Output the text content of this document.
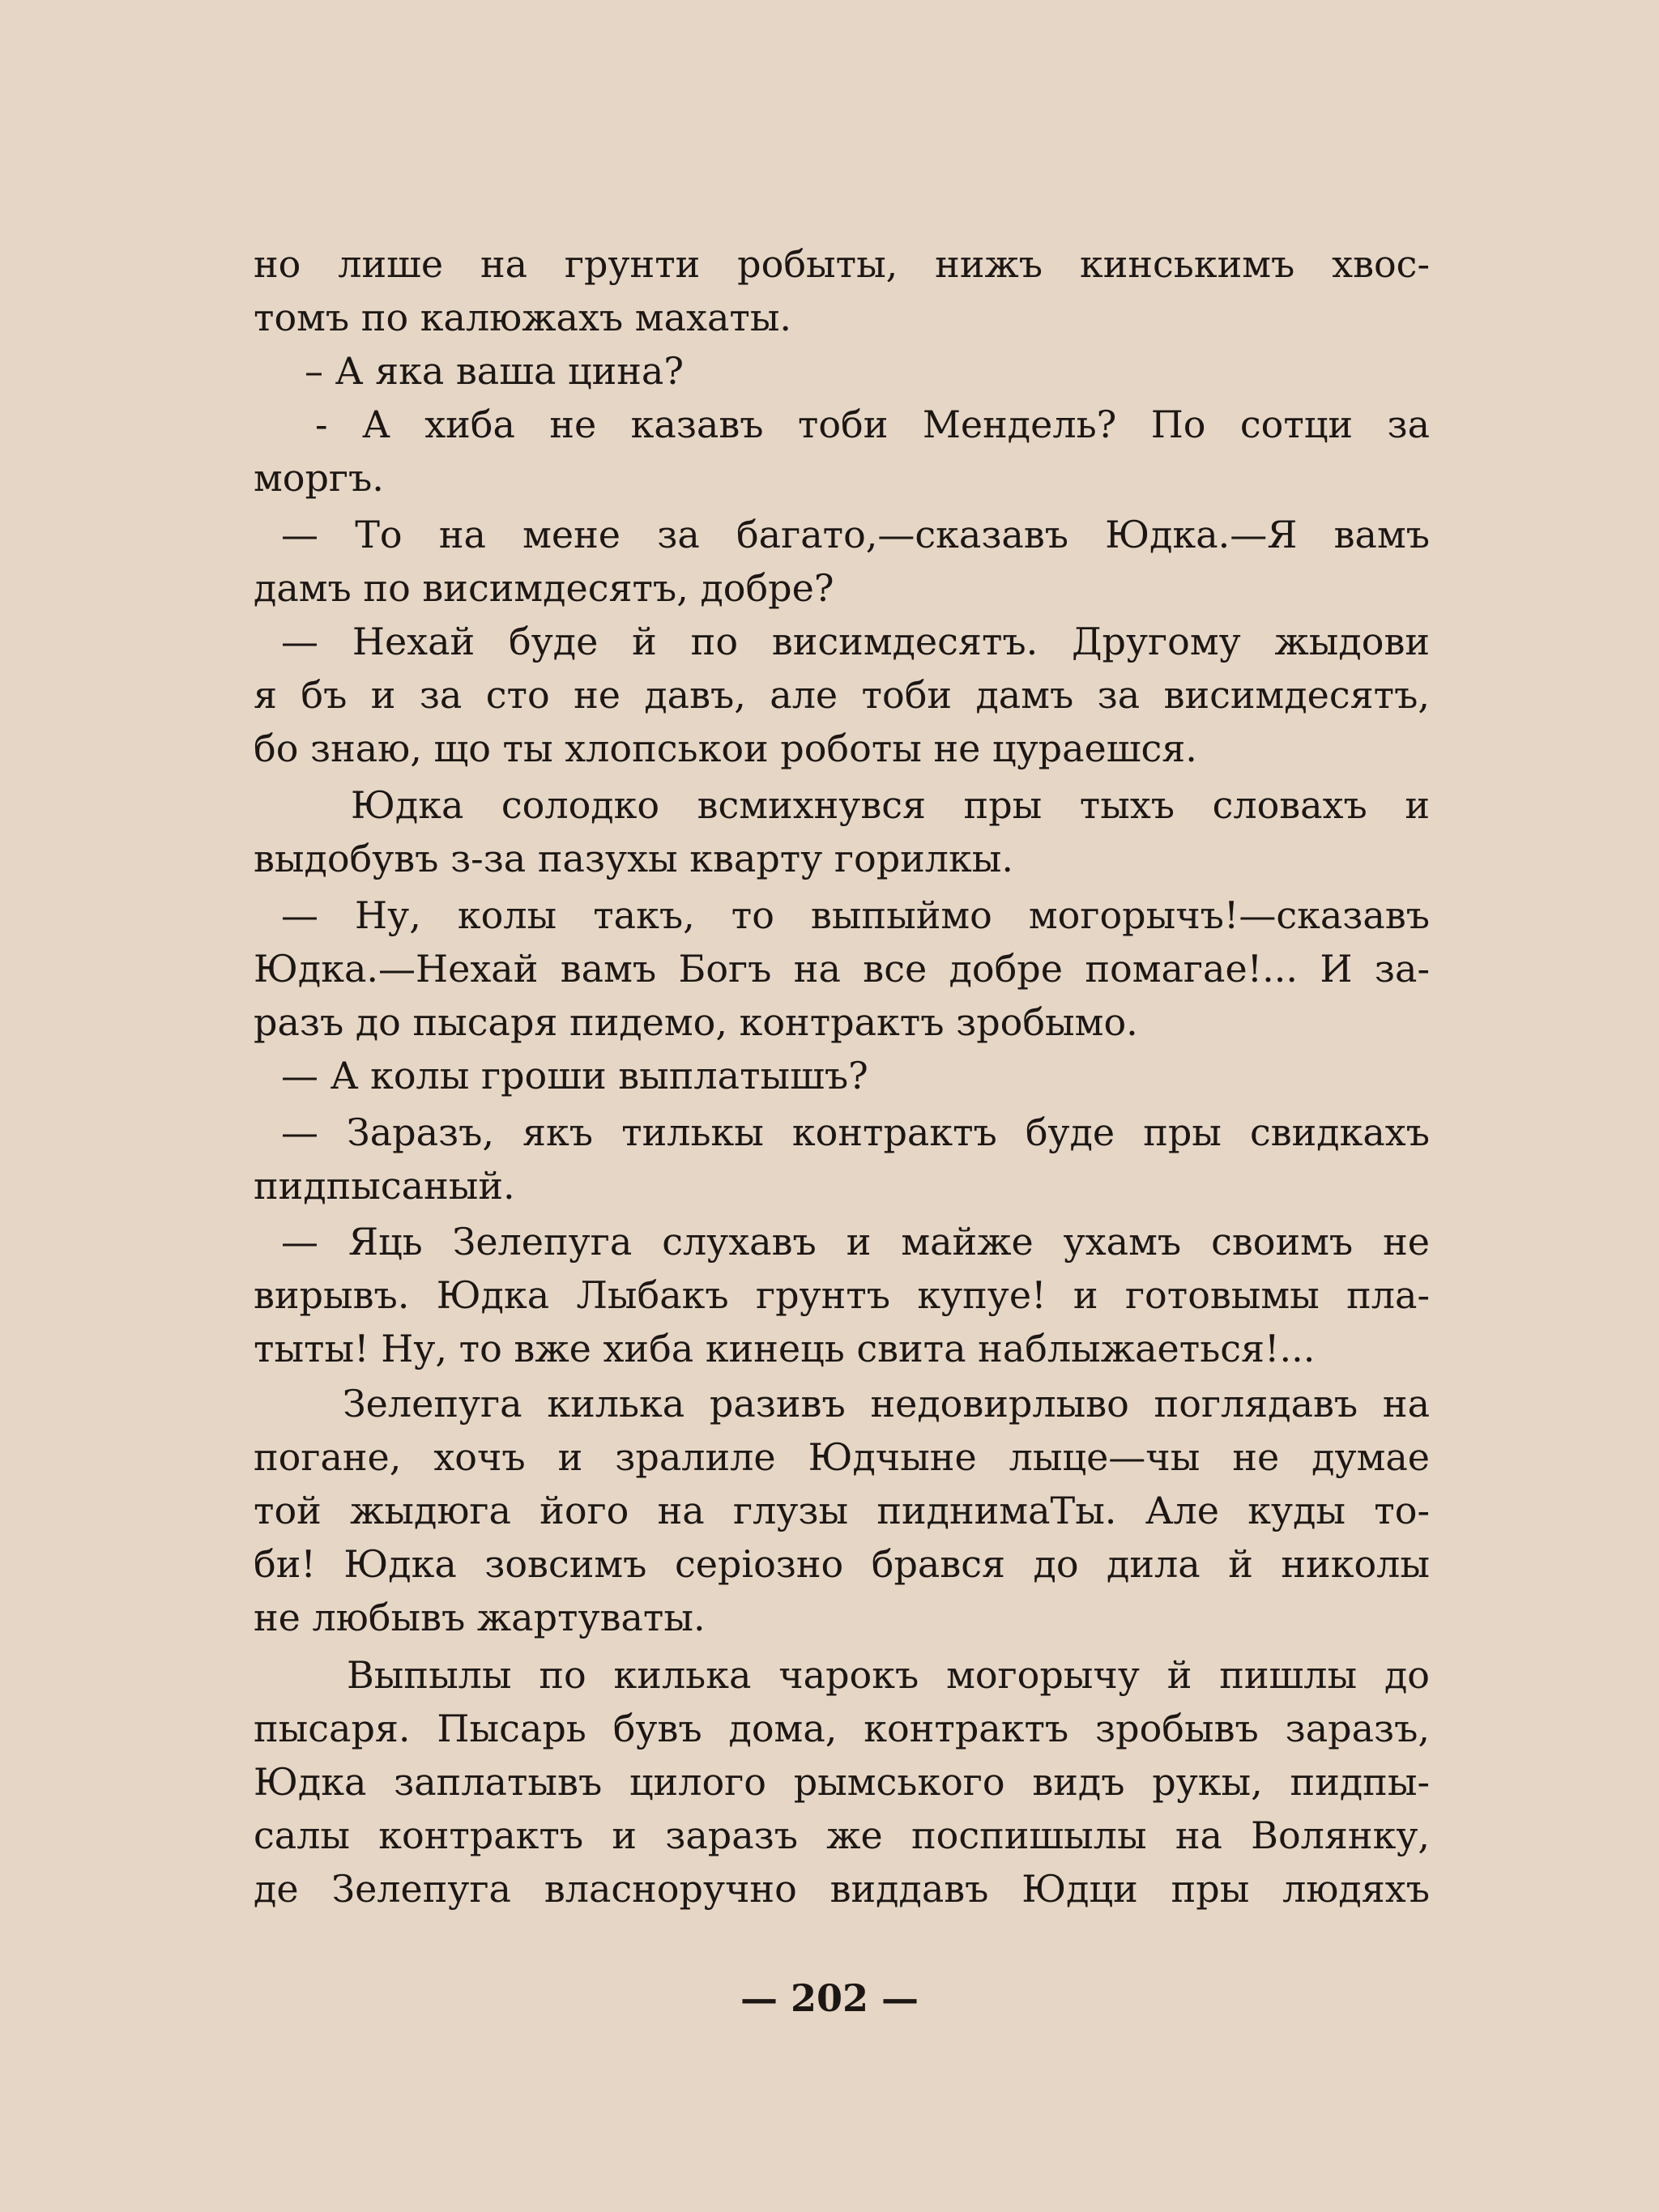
но лише на грунти робыты, нижъ кинськимъ хвос-
томъ по калюжахъ махаты.
– А яка ваша цина?
- А хиба не казавъ тоби Мендель? По сотци за
моргъ.
— То на мене за багато,—сказавъ Юдка.—Я вамъ
дамъ по висимдесятъ, добре?
— Нехай буде й по висимдесятъ. Другому жыдови
я бъ и за сто не давъ, але тоби дамъ за висимдесятъ,
бо знаю, що ты хлопськои роботы не цураешся.
Юдка солодко всмихнувся пры тыхъ словахъ и
выдобувъ з-за пазухы кварту горилкы.
— Ну, колы такъ, то выпыймо могорычъ!—сказавъ
Юдка.—Нехай вамъ Богъ на все добре помагае!... И за-
разъ до пысаря пидемо, контрактъ зробымо.
— А колы гроши выплатышъ?
— Заразъ, якъ тилькы контрактъ буде пры свидкахъ
пидпысаный.
— Яць Зелепуга слухавъ и майже ухамъ своимъ не
вирывъ. Юдка Лыбакъ грунтъ купуе! и готовымы пла-
тыты! Ну, то вже хиба кинець свита наблыжаеться!...
Зелепуга килька разивъ недовирлыво поглядавъ на
погане, хочъ и зралиле Юдчыне лыце—чы не думае
той жыдюга його на глузы пиднимаТы. Але куды то-
би! Юдка зовсимъ серіозно брався до дила й николы
не любывъ жартуваты.
Выпылы по килька чарокъ могорычу й пишлы до
пысаря. Пысарь бувъ дома, контрактъ зробывъ заразъ,
Юдка заплатывъ цилого рымського видъ рукы, пидпы-
салы контрактъ и заразъ же поспишылы на Волянку,
де Зелепуга власноручно виддавъ Юдци пры людяхъ
— 202 —
